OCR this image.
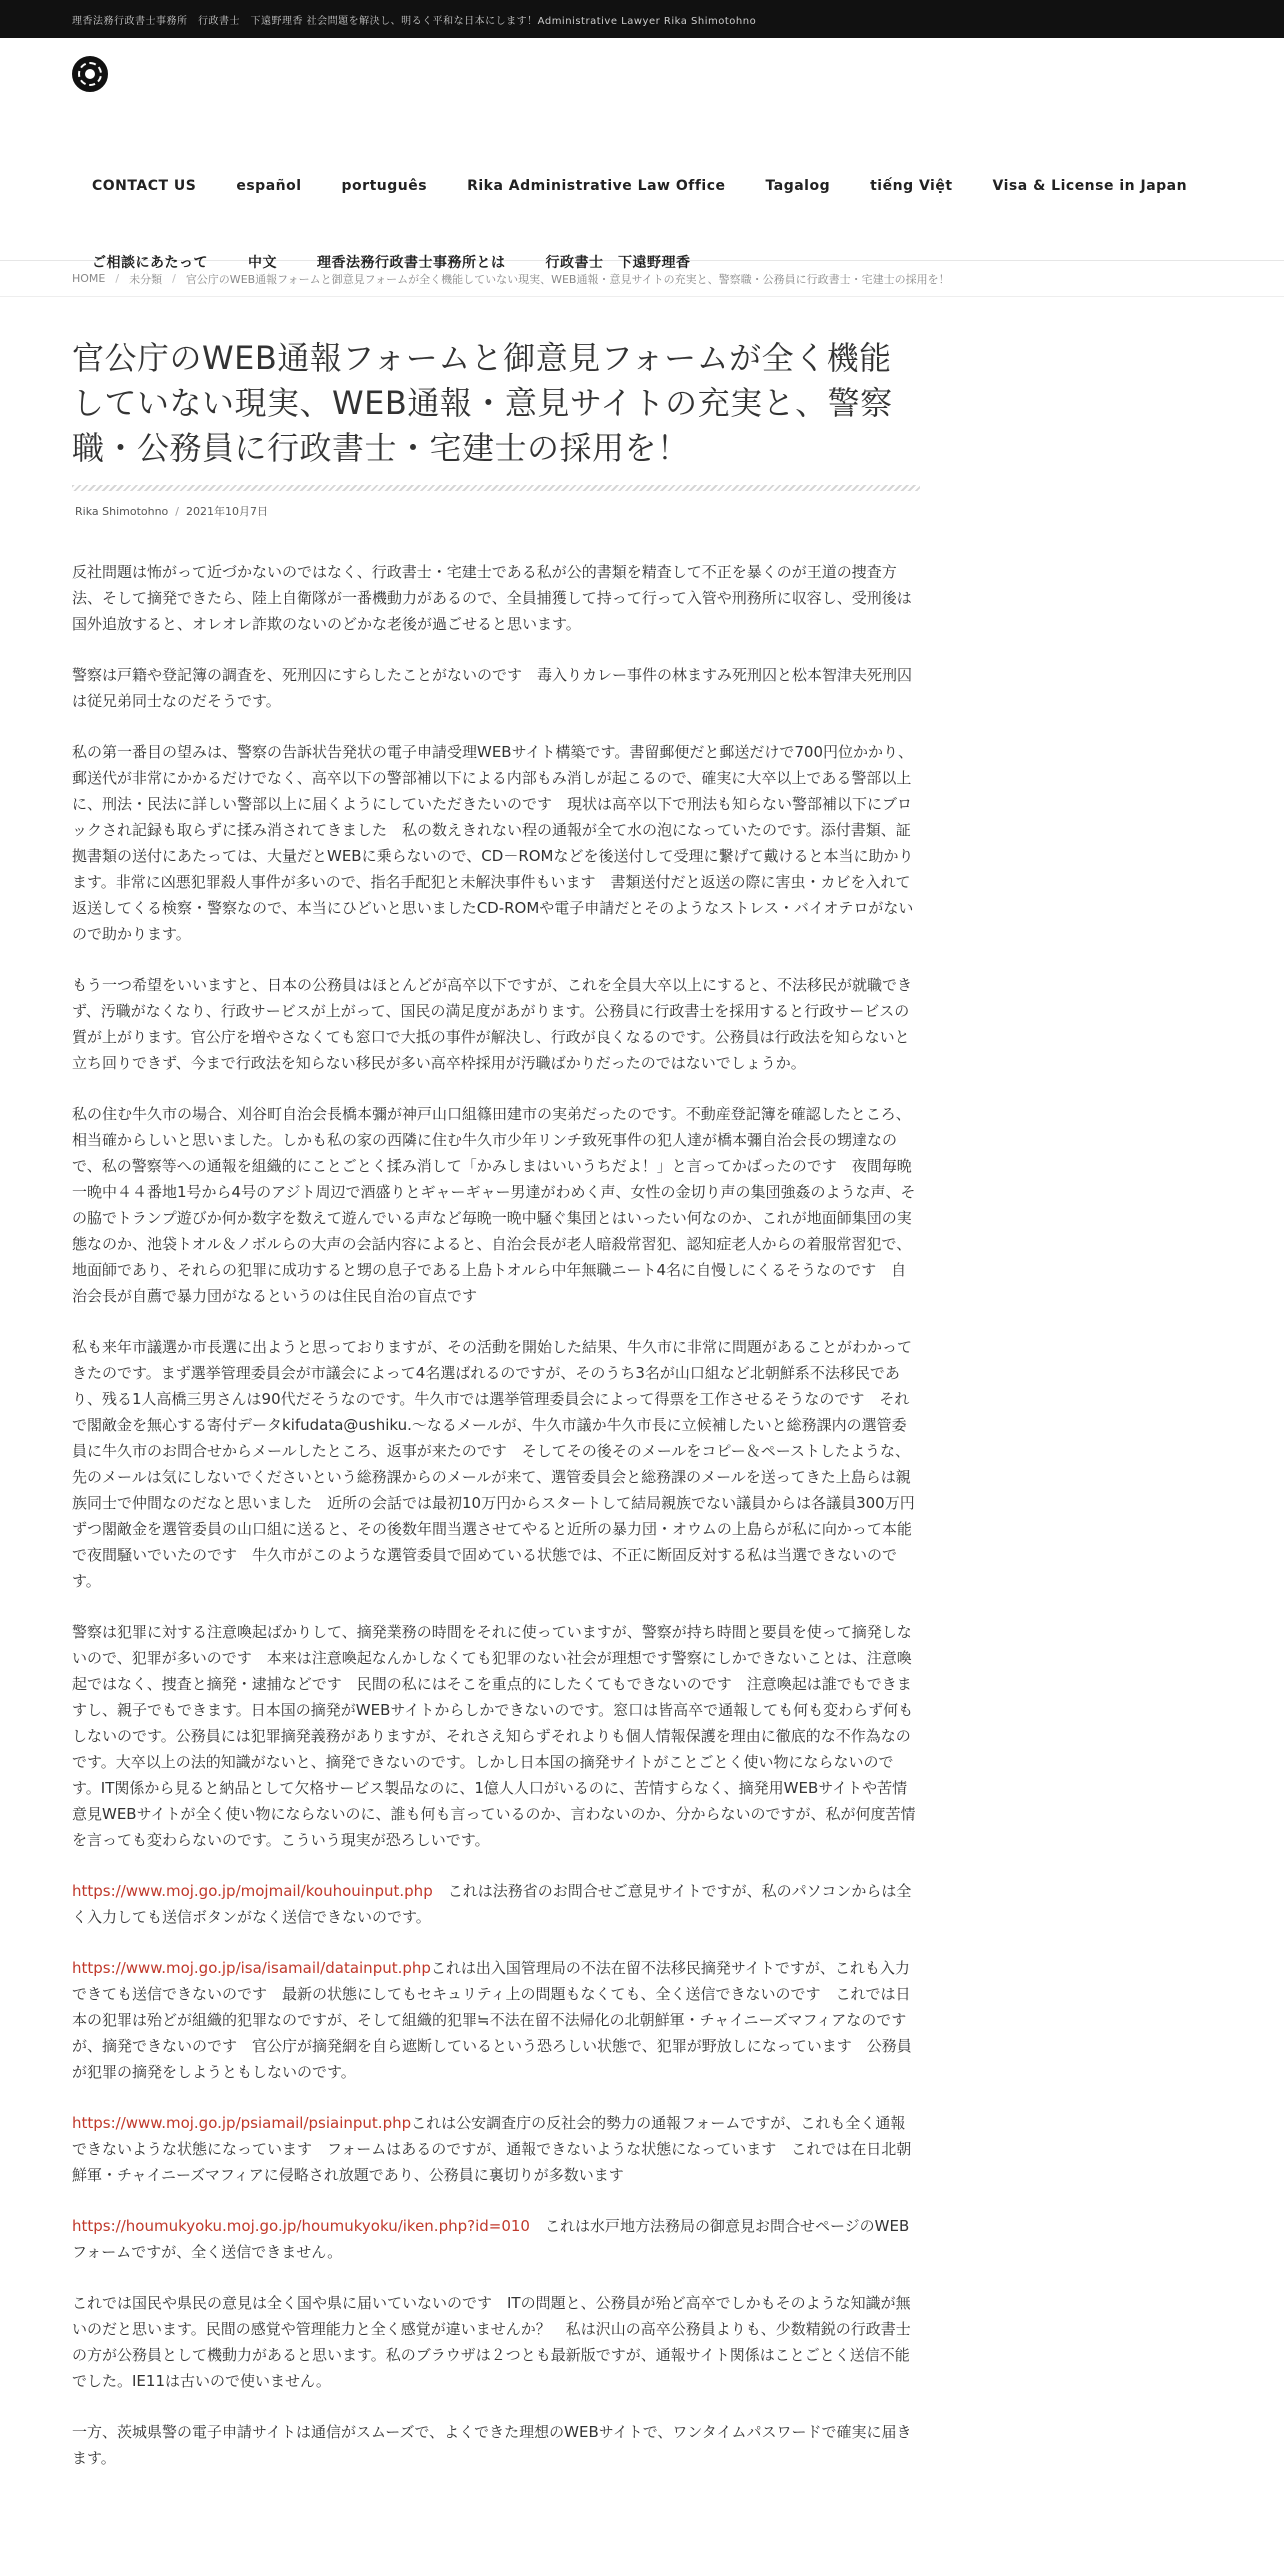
理香法務行政書士事務所　行政書士　下遠野理香 社会問題を解決し、明るく平和な日本にします！Administrative Lawyer Rika Shimotohno
CONTACT US	español	português	Rika Administrative Law Office	Tagalog	tiếng Việt	Visa & License in Japan
ご相談にあたって	中文	理香法務行政書士事務所とは	行政書士　下遠野理香
HOME / 未分類 / 官公庁のWEB通報フォームと御意見フォームが全く機能していない現実、WEB通報・意見サイトの充実と、警察職・公務員に行政書士・宅建士の採用を！
官公庁のWEB通報フォームと御意見フォームが全く機能していない現実、WEB通報・意見サイトの充実と、警察職・公務員に行政書士・宅建士の採用を！
Rika Shimotohno / 2021年10月7日

反社問題は怖がって近づかないのではなく、行政書士・宅建士である私が公的書類を精査して不正を暴くのが王道の捜査方法、そして摘発できたら、陸上自衛隊が一番機動力があるので、全員捕獲して持って行って入管や刑務所に収容し、受刑後は国外追放すると、オレオレ詐欺のないのどかな老後が過ごせると思います。

警察は戸籍や登記簿の調査を、死刑囚にすらしたことがないのです　毒入りカレー事件の林ますみ死刑囚と松本智津夫死刑囚は従兄弟同士なのだそうです。

私の第一番目の望みは、警察の告訴状告発状の電子申請受理WEBサイト構築です。書留郵便だと郵送だけで700円位かかり、郵送代が非常にかかるだけでなく、高卒以下の警部補以下による内部もみ消しが起こるので、確実に大卒以上である警部以上に、刑法・民法に詳しい警部以上に届くようにしていただきたいのです　現状は高卒以下で刑法も知らない警部補以下にブロックされ記録も取らずに揉み消されてきました　私の数えきれない程の通報が全て水の泡になっていたのです。添付書類、証拠書類の送付にあたっては、大量だとWEBに乗らないので、CD－ROMなどを後送付して受理に繋げて戴けると本当に助かります。非常に凶悪犯罪殺人事件が多いので、指名手配犯と未解決事件もいます　書類送付だと返送の際に害虫・カビを入れて返送してくる検察・警察なので、本当にひどいと思いましたCD-ROMや電子申請だとそのようなストレス・バイオテロがないので助かります。

もう一つ希望をいいますと、日本の公務員はほとんどが高卒以下ですが、これを全員大卒以上にすると、不法移民が就職できず、汚職がなくなり、行政サービスが上がって、国民の満足度があがります。公務員に行政書士を採用すると行政サービスの質が上がります。官公庁を増やさなくても窓口で大抵の事件が解決し、行政が良くなるのです。公務員は行政法を知らないと立ち回りできず、今まで行政法を知らない移民が多い高卒枠採用が汚職ばかりだったのではないでしょうか。

私の住む牛久市の場合、刈谷町自治会長橋本彌が神戸山口組篠田建市の実弟だったのです。不動産登記簿を確認したところ、相当確からしいと思いました。しかも私の家の西隣に住む牛久市少年リンチ致死事件の犯人達が橋本彌自治会長の甥達なので、私の警察等への通報を組織的にことごとく揉み消して「かみしまはいいうちだよ！」と言ってかばったのです　夜間毎晩一晩中４４番地1号から4号のアジト周辺で酒盛りとギャーギャー男達がわめく声、女性の金切り声の集団強姦のような声、その脇でトランプ遊びか何か数字を数えて遊んでいる声など毎晩一晩中騒ぐ集団とはいったい何なのか、これが地面師集団の実態なのか、池袋トオル＆ノボルらの大声の会話内容によると、自治会長が老人暗殺常習犯、認知症老人からの着服常習犯で、地面師であり、それらの犯罪に成功すると甥の息子である上島トオルら中年無職ニート4名に自慢しにくるそうなのです　自治会長が自薦で暴力団がなるというのは住民自治の盲点です

私も来年市議選か市長選に出ようと思っておりますが、その活動を開始した結果、牛久市に非常に問題があることがわかってきたのです。まず選挙管理委員会が市議会によって4名選ばれるのですが、そのうち3名が山口組など北朝鮮系不法移民であり、残る1人高橋三男さんは90代だそうなのです。牛久市では選挙管理委員会によって得票を工作させるそうなのです　それで閣敵金を無心する寄付データkifudata@ushiku.～なるメールが、牛久市議か牛久市長に立候補したいと総務課内の選管委員に牛久市のお問合せからメールしたところ、返事が来たのです　そしてその後そのメールをコピー＆ペーストしたような、先のメールは気にしないでくださいという総務課からのメールが来て、選管委員会と総務課のメールを送ってきた上島らは親族同士で仲間なのだなと思いました　近所の会話では最初10万円からスタートして結局親族でない議員からは各議員300万円ずつ閣敵金を選管委員の山口組に送ると、その後数年間当選させてやると近所の暴力団・オウムの上島らが私に向かって本能で夜間騒いでいたのです　牛久市がこのような選管委員で固めている状態では、不正に断固反対する私は当選できないのです。

警察は犯罪に対する注意喚起ばかりして、摘発業務の時間をそれに使っていますが、警察が持ち時間と要員を使って摘発しないので、犯罪が多いのです　本来は注意喚起なんかしなくても犯罪のない社会が理想です警察にしかできないことは、注意喚起ではなく、捜査と摘発・逮捕などです　民間の私にはそこを重点的にしたくてもできないのです　注意喚起は誰でもできますし、親子でもできます。日本国の摘発がWEBサイトからしかできないのです。窓口は皆高卒で通報しても何も変わらず何もしないのです。公務員には犯罪摘発義務がありますが、それさえ知らずそれよりも個人情報保護を理由に徹底的な不作為なのです。大卒以上の法的知識がないと、摘発できないのです。しかし日本国の摘発サイトがことごとく使い物にならないのです。IT関係から見ると納品として欠格サービス製品なのに、1億人人口がいるのに、苦情すらなく、摘発用WEBサイトや苦情意見WEBサイトが全く使い物にならないのに、誰も何も言っているのか、言わないのか、分からないのですが、私が何度苦情を言っても変わらないのです。こういう現実が恐ろしいです。

https://www.moj.go.jp/mojmail/kouhouinput.php　これは法務省のお問合せご意見サイトですが、私のパソコンからは全く入力しても送信ボタンがなく送信できないのです。

https://www.moj.go.jp/isa/isamail/datainput.phpこれは出入国管理局の不法在留不法移民摘発サイトですが、これも入力できても送信できないのです　最新の状態にしてもセキュリティ上の問題もなくても、全く送信できないのです　これでは日本の犯罪は殆どが組織的犯罪なのですが、そして組織的犯罪≒不法在留不法帰化の北朝鮮軍・チャイニーズマフィアなのですが、摘発できないのです　官公庁が摘発網を自ら遮断しているという恐ろしい状態で、犯罪が野放しになっています　公務員が犯罪の摘発をしようともしないのです。

https://www.moj.go.jp/psiamail/psiainput.phpこれは公安調査庁の反社会的勢力の通報フォームですが、これも全く通報できないような状態になっています　フォームはあるのですが、通報できないような状態になっています　これでは在日北朝鮮軍・チャイニーズマフィアに侵略され放題であり、公務員に裏切りが多数います

https://houmukyoku.moj.go.jp/houmukyoku/iken.php?id=010　これは水戸地方法務局の御意見お問合せページのWEBフォームですが、全く送信できません。

これでは国民や県民の意見は全く国や県に届いていないのです　ITの問題と、公務員が殆ど高卒でしかもそのような知識が無いのだと思います。民間の感覚や管理能力と全く感覚が違いませんか？　私は沢山の高卒公務員よりも、少数精鋭の行政書士の方が公務員として機動力があると思います。私のブラウザは２つとも最新版ですが、通報サイト関係はことごとく送信不能でした。IE11は古いので使いません。

一方、茨城県警の電子申請サイトは通信がスムーズで、よくできた理想のWEBサイトで、ワンタイムパスワードで確実に届きます。
